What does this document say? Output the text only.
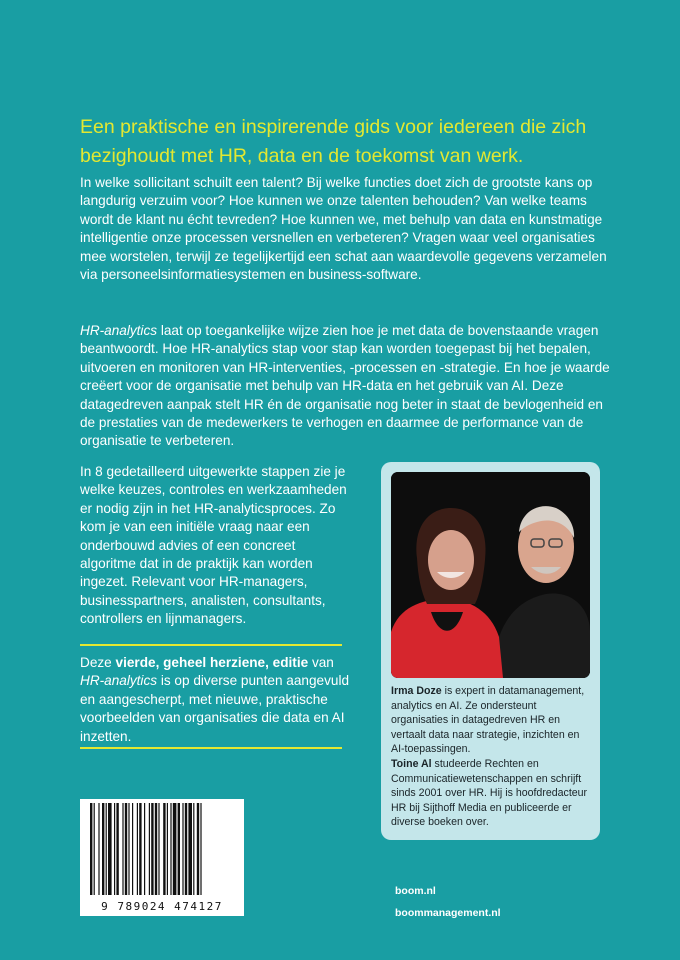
Een praktische en inspirerende gids voor iedereen die zich bezighoudt met HR, data en de toekomst van werk.

In welke sollicitant schuilt een talent? Bij welke functies doet zich de grootste kans op langdurig verzuim voor? Hoe kunnen we onze talenten behouden? Van welke teams wordt de klant nu écht tevreden? Hoe kunnen we, met behulp van data en kunstmatige intelligentie onze processen versnellen en verbeteren? Vragen waar veel organisaties mee worstelen, terwijl ze tegelijkertijd een schat aan waardevolle gegevens verzamelen via personeelsinformatiesystemen en business-software.

HR-analytics laat op toegankelijke wijze zien hoe je met data de bovenstaande vragen beantwoordt. Hoe HR-analytics stap voor stap kan worden toegepast bij het bepalen, uitvoeren en monitoren van HR-interventies, -processen en -strategie. En hoe je waarde creëert voor de organisatie met behulp van HR-data en het gebruik van AI. Deze datagedreven aanpak stelt HR én de organisatie nog beter in staat de bevlogenheid en de prestaties van de medewerkers te verhogen en daarmee de performance van de organisatie te verbeteren.

In 8 gedetailleerd uitgewerkte stappen zie je welke keuzes, controles en werkzaamheden er nodig zijn in het HR-analyticsproces. Zo kom je van een initiële vraag naar een onderbouwd advies of een concreet algoritme dat in de praktijk kan worden ingezet. Relevant voor HR-managers, businesspartners, analisten, consultants, controllers en lijnmanagers.

Deze vierde, geheel herziene, editie van HR-analytics is op diverse punten aangevuld en aangescherpt, met nieuwe, praktische voorbeelden van organisaties die data en AI inzetten.

Irma Doze is expert in datamanagement, analytics en AI. Ze ondersteunt organisaties in datagedreven HR en vertaalt data naar strategie, inzichten en AI-toepassingen.
Toine Al studeerde Rechten en Communicatiewetenschappen en schrijft sinds 2001 over HR. Hij is hoofdredacteur HR bij Sijthoff Media en publiceerde er diverse boeken over.

9 789024 474127

boom.nl
boommanagement.nl
